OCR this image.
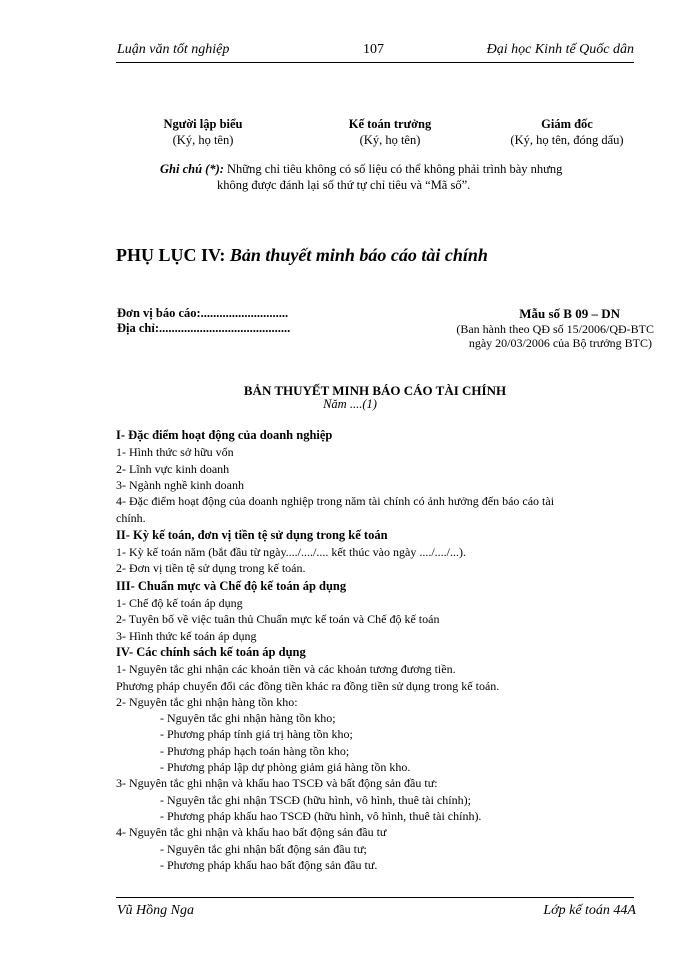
Luận văn tốt nghiệp	107	Đại học Kinh tế Quốc dân
Người lập biểu
(Ký, họ tên)
Kế toán trưởng
(Ký, họ tên)
Giám đốc
(Ký, họ tên, đóng dấu)
Ghi chú (*): Những chỉ tiêu không có số liệu có thể không phải trình bày nhưng
không được đánh lại số thứ tự chỉ tiêu và “Mã số”.
PHỤ LỤC IV: Bản thuyết minh báo cáo tài chính
Đơn vị báo cáo:............................
Địa chỉ:..........................................
Mẫu số B 09 – DN
(Ban hành theo QĐ số 15/2006/QĐ-BTC
ngày 20/03/2006 của Bộ trưởng BTC)
BẢN THUYẾT MINH BÁO CÁO TÀI CHÍNH
Năm ....(1)
I- Đặc điểm hoạt động của doanh nghiệp
1- Hình thức sở hữu vốn
2- Lĩnh vực kinh doanh
3- Ngành nghề kinh doanh
4- Đặc điểm hoạt động của doanh nghiệp trong năm tài chính có ảnh hưởng đến báo cáo tài
chính.
II- Kỳ kế toán, đơn vị tiền tệ sử dụng trong kế toán
1- Kỳ kế toán năm (bắt đầu từ ngày..../..../.... kết thúc vào ngày ..../..../...).
2- Đơn vị tiền tệ sử dụng trong kế toán.
III- Chuẩn mực và Chế độ kế toán áp dụng
1- Chế độ kế toán áp dụng
2- Tuyên bố về việc tuân thủ Chuẩn mực kế toán và Chế độ kế toán
3- Hình thức kế toán áp dụng
IV- Các chính sách kế toán áp dụng
1- Nguyên tắc ghi nhận các khoản tiền và các khoản tương đương tiền.
Phương pháp chuyển đổi các đồng tiền khác ra đồng tiền sử dụng trong kế toán.
2- Nguyên tắc ghi nhận hàng tồn kho:
- Nguyên tắc ghi nhận hàng tồn kho;
- Phương pháp tính giá trị hàng tồn kho;
- Phương pháp hạch toán hàng tồn kho;
- Phương pháp lập dự phòng giảm giá hàng tồn kho.
3- Nguyên tắc ghi nhận và khấu hao TSCĐ và bất động sản đầu tư:
- Nguyên tắc ghi nhận TSCĐ (hữu hình, vô hình, thuê tài chính);
- Phương pháp khấu hao TSCĐ (hữu hình, vô hình, thuê tài chính).
4- Nguyên tắc ghi nhận và khấu hao bất động sản đầu tư
- Nguyên tắc ghi nhận bất động sản đầu tư;
- Phương pháp khấu hao bất động sản đầu tư.
Vũ Hồng Nga	Lớp kế toán 44A
